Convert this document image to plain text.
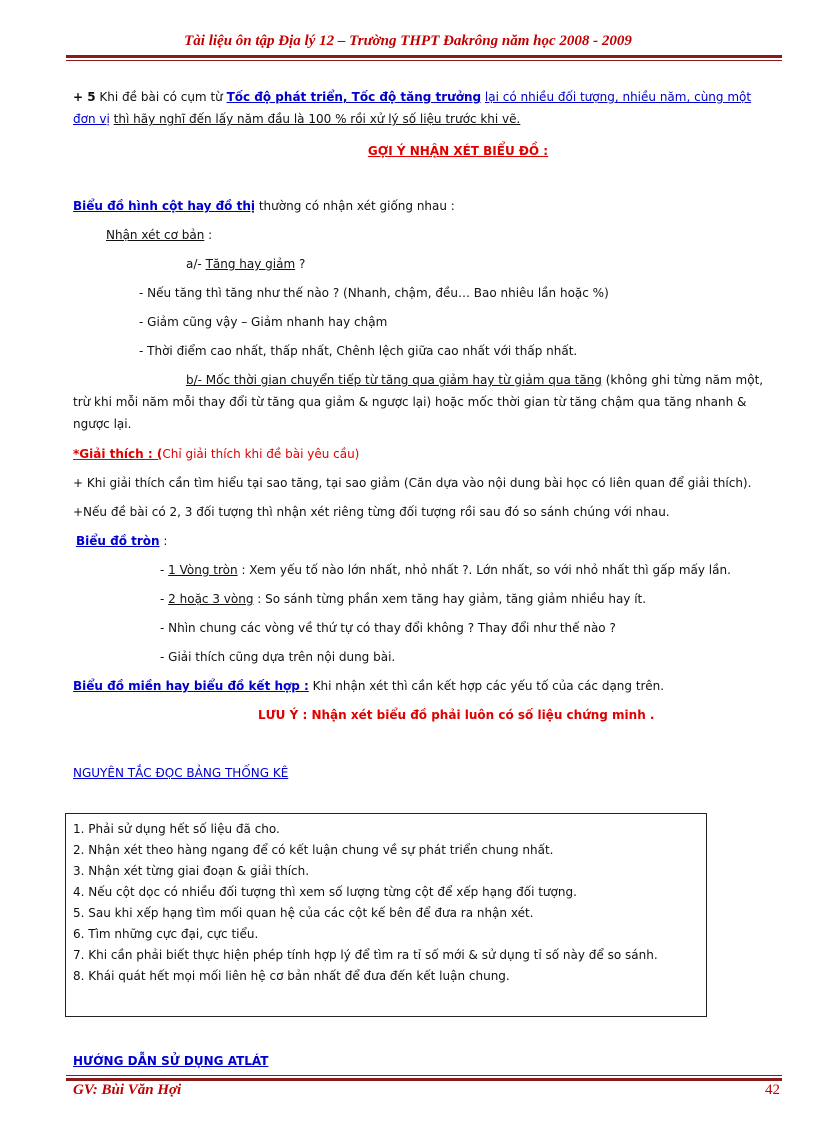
Tài liệu ôn tập Địa lý 12 – Trường THPT Đakrông năm học 2008 - 2009
+ 5 Khi đề bài có cụm từ Tốc độ phát triển, Tốc độ tăng trưởng lại có nhiều đối tượng, nhiều năm, cùng một
đơn vị thì hãy nghĩ đến lấy năm đầu là 100 % rồi xử lý số liệu trước khi vẽ.
GỢI Ý NHẬN XÉT BIỂU ĐỒ :
Biểu đồ hình cột hay đồ thị thường có nhận xét giống nhau :
Nhận xét cơ bản :
a/- Tăng hay giảm ?
- Nếu tăng thì tăng như thế nào ? (Nhanh, chậm, đều… Bao nhiêu lần hoặc %)
- Giảm cũng vậy – Giảm nhanh hay chậm
- Thời điểm cao nhất, thấp nhất, Chênh lệch giữa cao nhất với thấp nhất.
b/- Mốc thời gian chuyển tiếp từ tăng qua giảm hay từ giảm qua tăng (không ghi từng năm một,
trừ khi mỗi năm mỗi thay đổi từ tăng qua giảm & ngược lại) hoặc mốc thời gian từ tăng chậm qua tăng nhanh &
ngược lại.
*Giải thích : (Chỉ giải thích khi đề bài yêu cầu)
+ Khi giải thích cần tìm hiểu tại sao tăng, tại sao giảm (Căn dựa vào nội dung bài học có liên quan để giải thích).
+Nếu đề bài có 2, 3 đối tượng thì nhận xét riêng từng đối tượng rồi sau đó so sánh chúng với nhau.
Biểu đồ tròn :
- 1 Vòng tròn : Xem yếu tố nào lớn nhất, nhỏ nhất ?. Lớn nhất, so với nhỏ nhất thì gấp mấy lần.
- 2 hoặc 3 vòng : So sánh từng phần xem tăng hay giảm, tăng giảm nhiều hay ít.
- Nhìn chung các vòng về thứ tự có thay đổi không ? Thay đổi như thế nào ?
- Giải thích cũng dựa trên nội dung bài.
Biểu đồ miền hay biểu đồ kết hợp : Khi nhận xét thì cần kết hợp các yếu tố của các dạng trên.
LƯU Ý : Nhận xét biểu đồ phải luôn có số liệu chứng minh .
NGUYÊN TẮC ĐỌC BẢNG THỐNG KÊ
1. Phải sử dụng hết số liệu đã cho.
2. Nhận xét theo hàng ngang để có kết luận chung về sự phát triển chung nhất.
3. Nhận xét từng giai đoạn & giải thích.
4. Nếu cột dọc có nhiều đối tượng thì xem số lượng từng cột để xếp hạng đối tượng.
5. Sau khi xếp hạng tìm mối quan hệ của các cột kế bên để đưa ra nhận xét.
6. Tìm những cực đại, cực tiểu.
7. Khi cần phải biết thực hiện phép tính hợp lý để tìm ra tỉ số mới & sử dụng tỉ số này để so sánh.
8. Khái quát hết mọi mối liên hệ cơ bản nhất để đưa đến kết luận chung.
HƯỚNG DẪN SỬ DỤNG ATLÁT
GV: Bùi Văn Hợi	42
